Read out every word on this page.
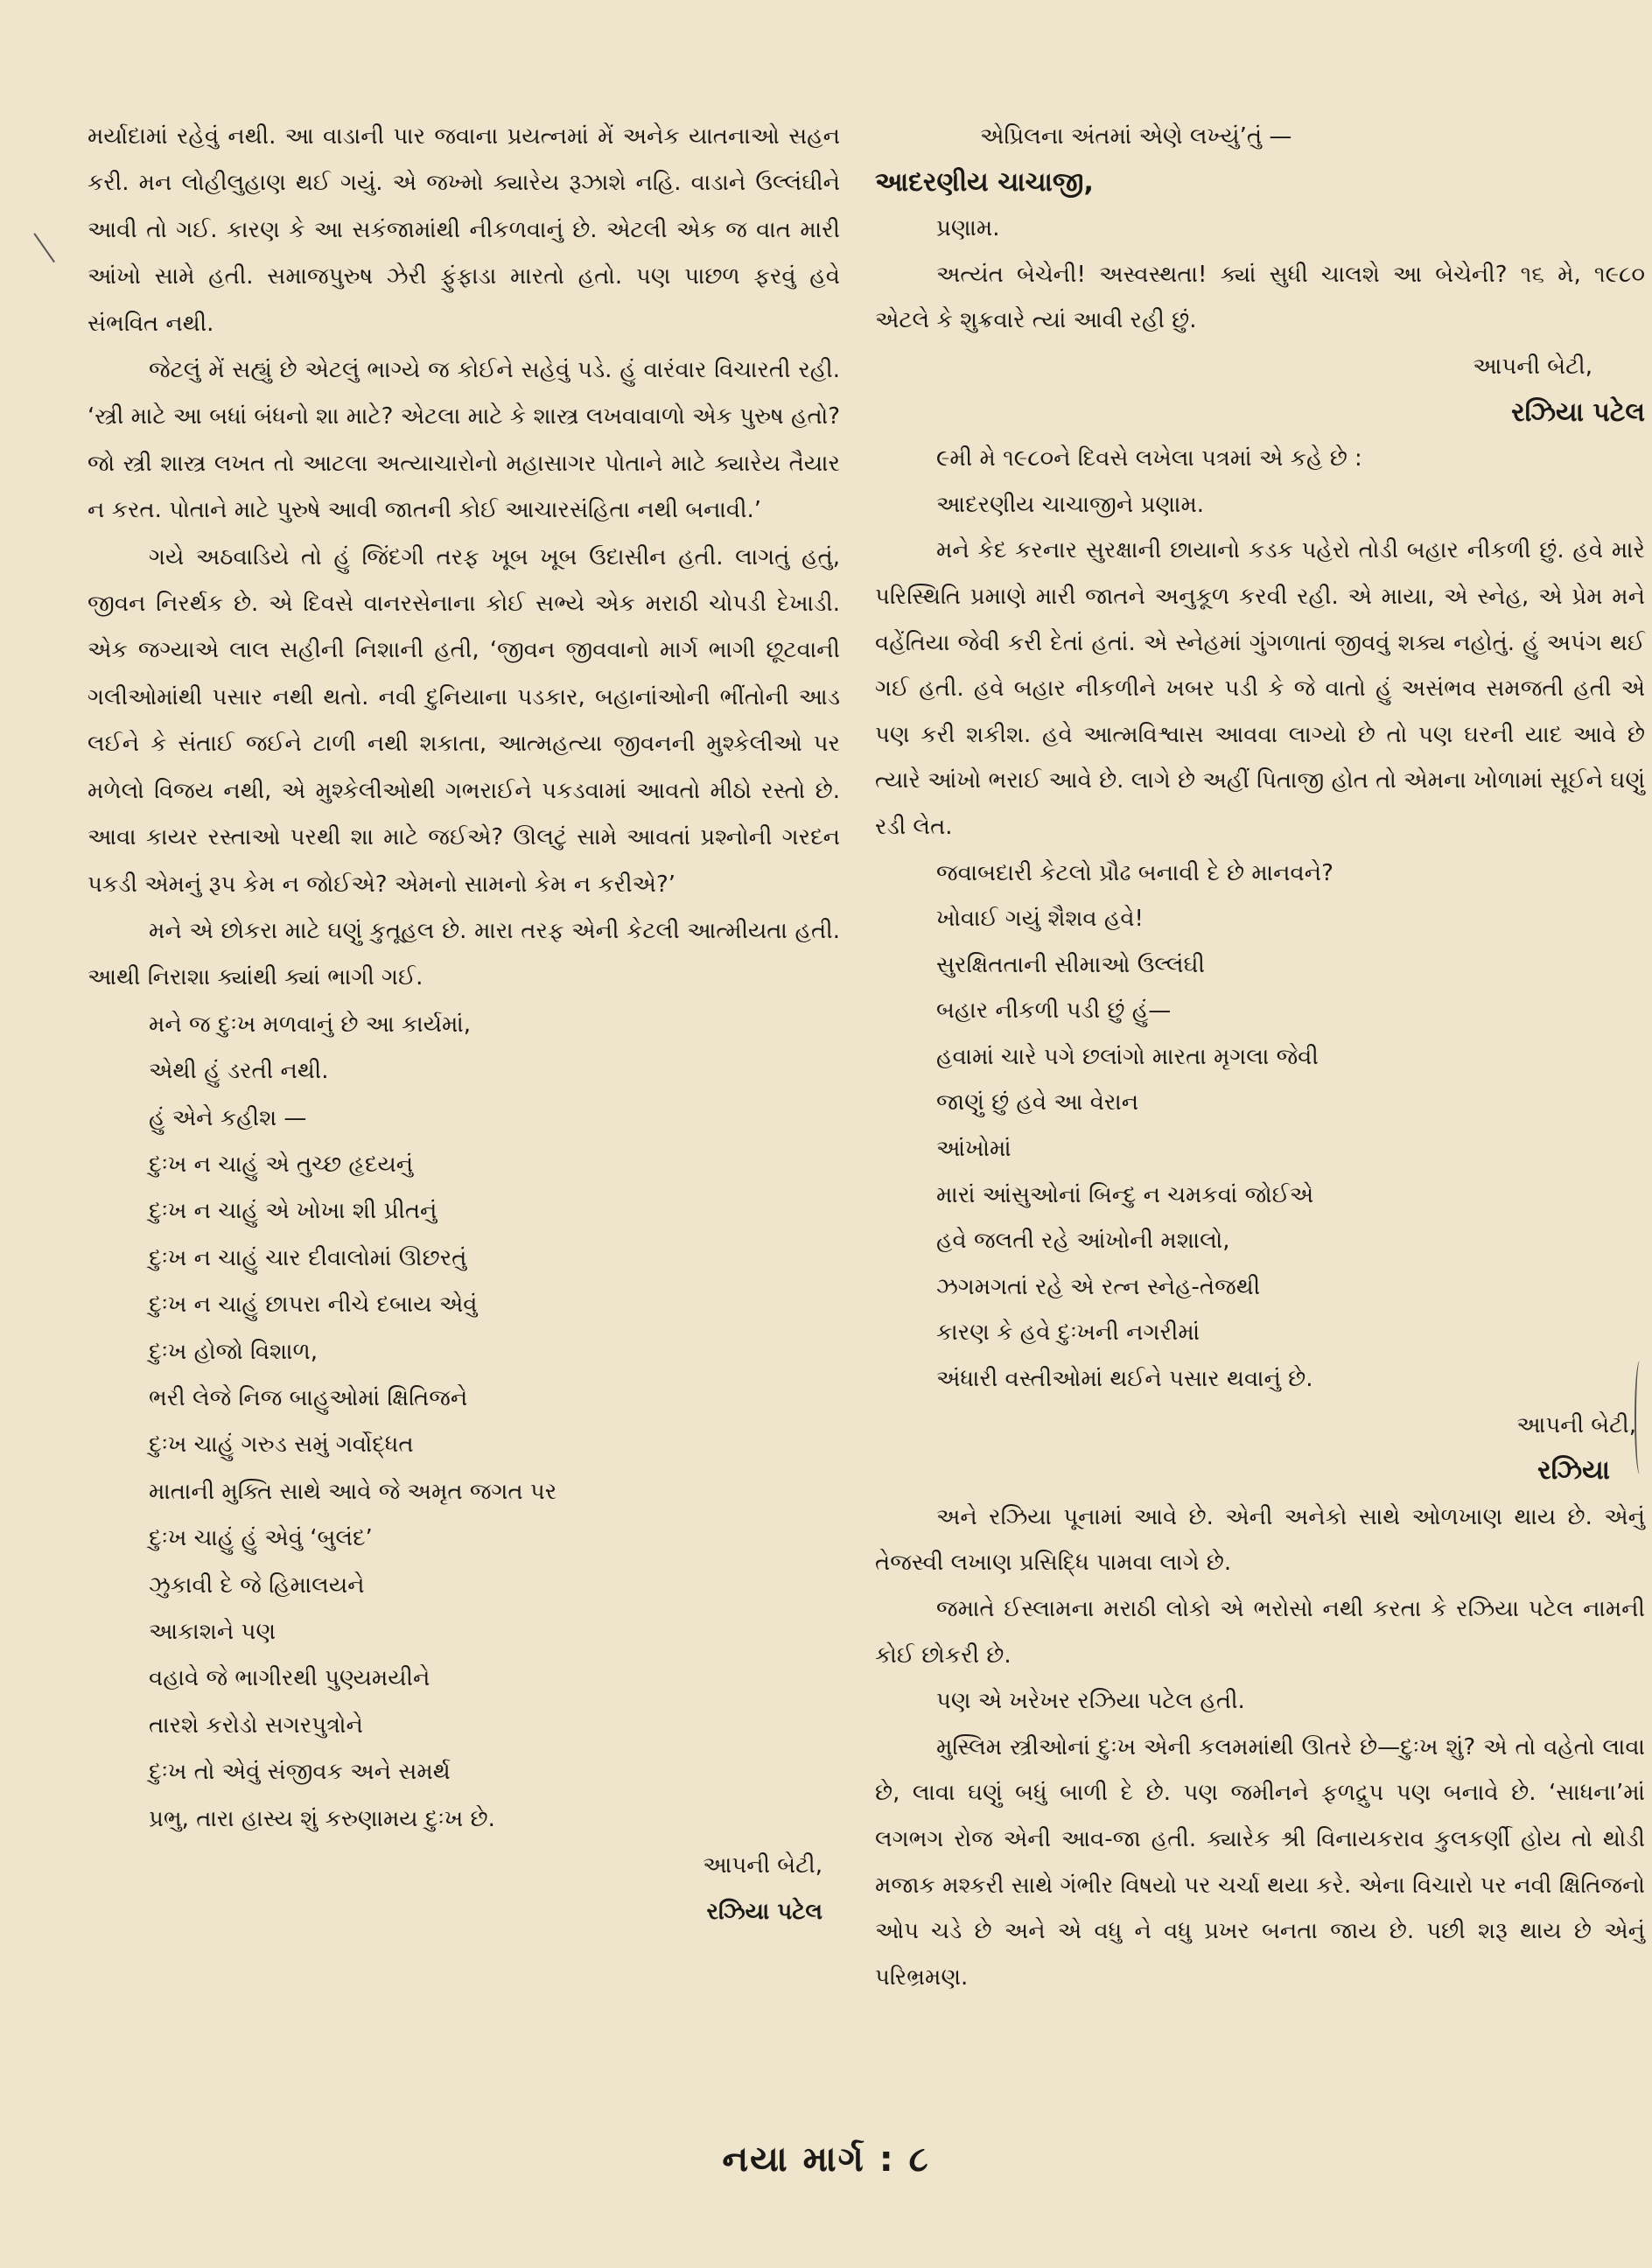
મર્યાદામાં રહેવું નથી. આ વાડાની પાર જવાના પ્રયત્નમાં મેં અનેક યાતનાઓ સહન કરી. મન લોહીલુહાણ થઈ ગયું. એ જખ્મો ક્યારેય રૂઝાશે નહિ. વાડાને ઉલ્લંઘીને આવી તો ગઈ. કારણ કે આ સકંજામાંથી નીકળવાનું છે. એટલી એક જ વાત મારી આંખો સામે હતી. સમાજપુરુષ ઝેરી ફુંફાડા મારતો હતો. પણ પાછળ ફરવું હવે સંભવિત નથી.

જેટલું મેં સહ્યું છે એટલું ભાગ્યે જ કોઈને સહેવું પડે. હું વારંવાર વિચારતી રહી. ‘સ્ત્રી માટે આ બધાં બંધનો શા માટે? એટલા માટે કે શાસ્ત્ર લખવાવાળો એક પુરુષ હતો? જો સ્ત્રી શાસ્ત્ર લખત તો આટલા અત્યાચારોનો મહાસાગર પોતાને માટે ક્યારેય તૈયાર ન કરત. પોતાને માટે પુરુષે આવી જાતની કોઈ આચારસંહિતા નથી બનાવી.’

ગયે અઠવાડિયે તો હું જિંદગી તરફ ખૂબ ખૂબ ઉદાસીન હતી. લાગતું હતું, જીવન નિરર્થક છે. એ દિવસે વાનરસેનાના કોઈ સભ્યે એક મરાઠી ચોપડી દેખાડી. એક જગ્યાએ લાલ સહીની નિશાની હતી, ‘જીવન જીવવાનો માર્ગ ભાગી છૂટવાની ગલીઓમાંથી પસાર નથી થતો. નવી દુનિયાના પડકાર, બહાનાંઓની ભીંતોની આડ લઈને કે સંતાઈ જઈને ટાળી નથી શકાતા, આત્મહત્યા જીવનની મુશ્કેલીઓ પર મળેલો વિજય નથી, એ મુશ્કેલીઓથી ગભરાઈને પકડવામાં આવતો મીઠો રસ્તો છે. આવા કાયર રસ્તાઓ પરથી શા માટે જઈએ? ઊલટું સામે આવતાં પ્રશ્નોની ગરદન પકડી એમનું રૂપ કેમ ન જોઈએ? એમનો સામનો કેમ ન કરીએ?’

મને એ છોકરા માટે ઘણું કુતૂહલ છે. મારા તરફ એની કેટલી આત્મીયતા હતી. આથી નિરાશા ક્યાંથી ક્યાં ભાગી ગઈ.

મને જ દુઃખ મળવાનું છે આ કાર્યમાં,
એથી હું ડરતી નથી.
હું એને કહીશ —
દુઃખ ન ચાહું એ તુચ્છ હૃદયનું
દુઃખ ન ચાહું એ ખોખા શી પ્રીતનું
દુઃખ ન ચાહું ચાર દીવાલોમાં ઊછરતું
દુઃખ ન ચાહું છાપરા નીચે દબાય એવું
દુઃખ હોજો વિશાળ,
ભરી લેજે નિજ બાહુઓમાં ક્ષિતિજને
દુઃખ ચાહું ગરુડ સમું ગર્વોદ્ધત
માતાની મુક્તિ સાથે આવે જે અમૃત જગત પર
દુઃખ ચાહું હું એવું ‘બુલંદ’
ઝુકાવી દે જે હિમાલયને
આકાશને પણ
વહાવે જે ભાગીરથી પુણ્યમયીને
તારશે કરોડો સગરપુત્રોને
દુઃખ તો એવું સંજીવક અને સમર્થ
પ્રભુ, તારા હાસ્ય શું કરુણામય દુઃખ છે.
આપની બેટી,
રઝિયા પટેલ
એપ્રિલના અંતમાં એણે લખ્યું’તું —
આદરણીય ચાચાજી,
પ્રણામ.

અત્યંત બેચેની! અસ્વસ્થતા! ક્યાં સુધી ચાલશે આ બેચેની? ૧૬ મે, ૧૯૮૦ એટલે કે શુક્રવારે ત્યાં આવી રહી છું.

આપની બેટી,
રઝિયા પટેલ

૯મી મે ૧૯૮૦ને દિવસે લખેલા પત્રમાં એ કહે છે :

આદરણીય ચાચાજીને પ્રણામ.

મને કેદ કરનાર સુરક્ષાની છાયાનો કડક પહેરો તોડી બહાર નીકળી છું. હવે મારે પરિસ્થિતિ પ્રમાણે મારી જાતને અનુકૂળ કરવી રહી. એ માયા, એ સ્નેહ, એ પ્રેમ મને વહેંતિયા જેવી કરી દેતાં હતાં. એ સ્નેહમાં ગુંગળાતાં જીવવું શક્ય નહોતું. હું અપંગ થઈ ગઈ હતી. હવે બહાર નીકળીને ખબર પડી કે જે વાતો હું અસંભવ સમજતી હતી એ પણ કરી શકીશ. હવે આત્મવિશ્વાસ આવવા લાગ્યો છે તો પણ ઘરની યાદ આવે છે ત્યારે આંખો ભરાઈ આવે છે. લાગે છે અહીં પિતાજી હોત તો એમના ખોળામાં સૂઈને ઘણું રડી લેત.

જવાબદારી કેટલો પ્રૌઢ બનાવી દે છે માનવને?
ખોવાઈ ગયું શૈશવ હવે!
સુરક્ષિતતાની સીમાઓ ઉલ્લંઘી
બહાર નીકળી પડી છું હું—
હવામાં ચારે પગે છલાંગો મારતા મૃગલા જેવી
જાણું છું હવે આ વેરાન
આંખોમાં
મારાં આંસુઓનાં બિન્દુ ન ચમકવાં જોઈએ
હવે જલતી રહે આંખોની મશાલો,
ઝગમગતાં રહે એ રત્ન સ્નેહ-તેજથી
કારણ કે હવે દુઃખની નગરીમાં
અંધારી વસ્તીઓમાં થઈને પસાર થવાનું છે.
આપની બેટી,
રઝિયા

અને રઝિયા પૂનામાં આવે છે. એની અનેકો સાથે ઓળખાણ થાય છે. એનું તેજસ્વી લખાણ પ્રસિદ્ધિ પામવા લાગે છે.

જમાતે ઈસ્લામના મરાઠી લોકો એ ભરોસો નથી કરતા કે રઝિયા પટેલ નામની કોઈ છોકરી છે.

પણ એ ખરેખર રઝિયા પટેલ હતી.

મુસ્લિમ સ્ત્રીઓનાં દુઃખ એની કલમમાંથી ઊતરે છે—દુઃખ શું? એ તો વહેતો લાવા છે, લાવા ઘણું બધું બાળી દે છે. પણ જમીનને ફળદ્રુપ પણ બનાવે છે. ‘સાધના’માં લગભગ રોજ એની આવ-જા હતી. ક્યારેક શ્રી વિનાયકરાવ કુલકર્ણી હોય તો થોડી મજાક મશ્કરી સાથે ગંભીર વિષયો પર ચર્ચા થયા કરે. એના વિચારો પર નવી ક્ષિતિજનો ઓપ ચડે છે અને એ વધુ ને વધુ પ્રખર બનતા જાય છે. પછી શરૂ થાય છે એનું પરિભ્રમણ.

નયા માર્ગ : ૮
